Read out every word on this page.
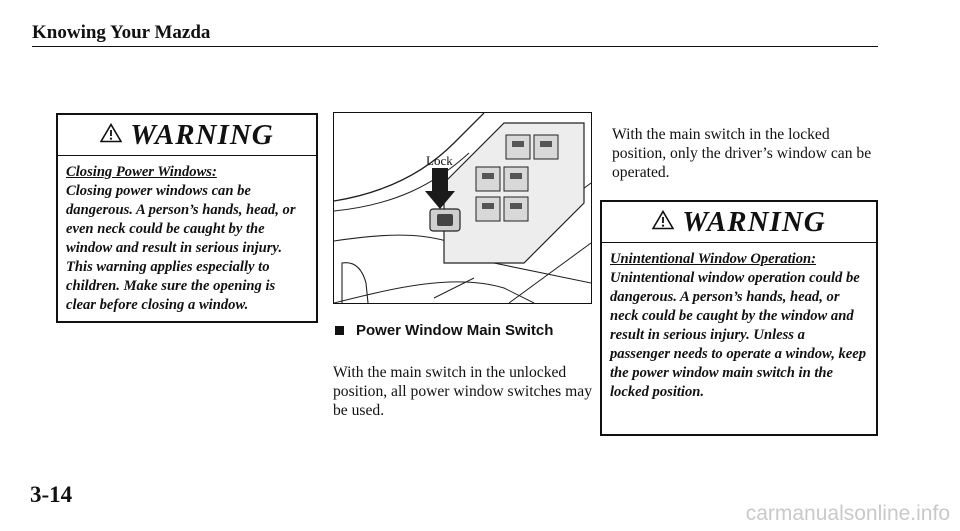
Knowing Your Mazda
WARNING
Closing Power Windows:
Closing power windows can be dangerous. A person’s hands, head, or even neck could be caught by the window and result in serious injury. This warning applies especially to children. Make sure the opening is clear before closing a window.
Lock
Power Window Main Switch
With the main switch in the unlocked position, all power window switches may be used.
With the main switch in the locked position, only the driver’s window can be operated.
WARNING
Unintentional Window Operation:
Unintentional window operation could be dangerous. A person’s hands, head, or neck could be caught by the window and result in serious injury. Unless a passenger needs to operate a window, keep the power window main switch in the locked position.
3-14
carmanualsonline.info
